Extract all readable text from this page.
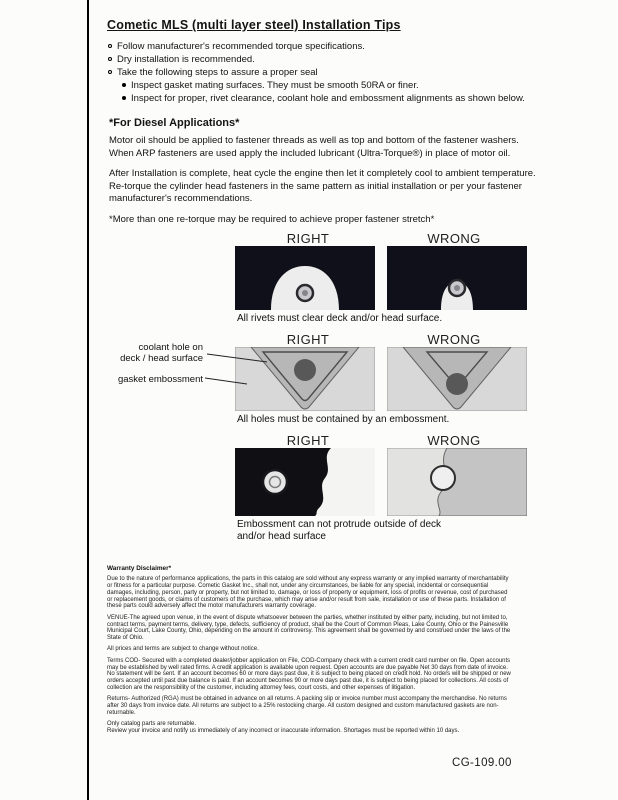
Cometic MLS (multi layer steel) Installation Tips
Follow manufacturer's recommended torque specifications.
Dry installation is recommended.
Take the following steps to assure a proper seal
Inspect gasket mating surfaces. They must be smooth 50RA or finer.
Inspect for proper, rivet clearance, coolant hole and embossment alignments as shown below.
*For Diesel Applications*

Motor oil should be applied to fastener threads as well as top and bottom of the fastener washers. When ARP fasteners are used apply the included lubricant (Ultra-Torque®) in place of motor oil.

After Installation is complete, heat cycle the engine then let it completely cool to ambient temperature. Re-torque the cylinder head fasteners in the same pattern as initial installation or per your fastener manufacturer's recommendations.

*More than one re-torque may be required to achieve proper fastener stretch*

RIGHT	WRONG
All rivets must clear deck and/or head surface.
RIGHT	WRONG
coolant hole on
deck / head surface
gasket embossment
All holes must be contained by an embossment.
RIGHT	WRONG
Embossment can not protrude outside of deck and/or head surface
Warranty Disclaimer*

Due to the nature of performance applications, the parts in this catalog are sold without any express warranty or any implied warranty of merchantability or fitness for a particular purpose. Cometic Gasket Inc., shall not, under any circumstances, be liable for any special, incidental or consequential damages, including, person, party or property, but not limited to, damage, or loss of property or equipment, loss of profits or revenue, cost of purchased or replacement goods, or claims of customers of the purchase, which may arise and/or result from sale, installation or use of these parts. Installation of these parts could adversely affect the motor manufacturers warranty coverage.

VENUE-The agreed upon venue, in the event of dispute whatsoever between the parties, whether instituted by either party, including, but not limited to, contract terms, payment terms, delivery, type, defects, sufficiency of product, shall be the Court of Common Pleas, Lake County, Ohio or the Painesville Municipal Court, Lake County, Ohio, depending on the amount in controversy. This agreement shall be governed by and construed under the laws of the State of Ohio.

All prices and terms are subject to change without notice.

Terms COD- Secured with a completed dealer/jobber application on File, COD-Company check with a current credit card number on file. Open accounts may be established by well rated firms. A credit application is available upon request. Open accounts are due payable Net 30 days from date of invoice. No statement will be sent. If an account becomes 60 or more days past due, it is subject to being placed on credit hold. No orders will be shipped or new orders accepted until past due balance is paid. If an account becomes 90 or more days past due, it is subject to being placed for collections. All costs of collection are the responsibility of the customer, including attorney fees, court costs, and other expenses of litigation.

Returns- Authorized (RGA) must be obtained in advance on all returns. A packing slip or invoice number must accompany the merchandise. No returns after 30 days from invoice date. All returns are subject to a 25% restocking charge. All custom designed and custom manufactured gaskets are non-returnable.

Only catalog parts are returnable.
Review your invoice and notify us immediately of any incorrect or inaccurate information. Shortages must be reported within 10 days.

CG-109.00
